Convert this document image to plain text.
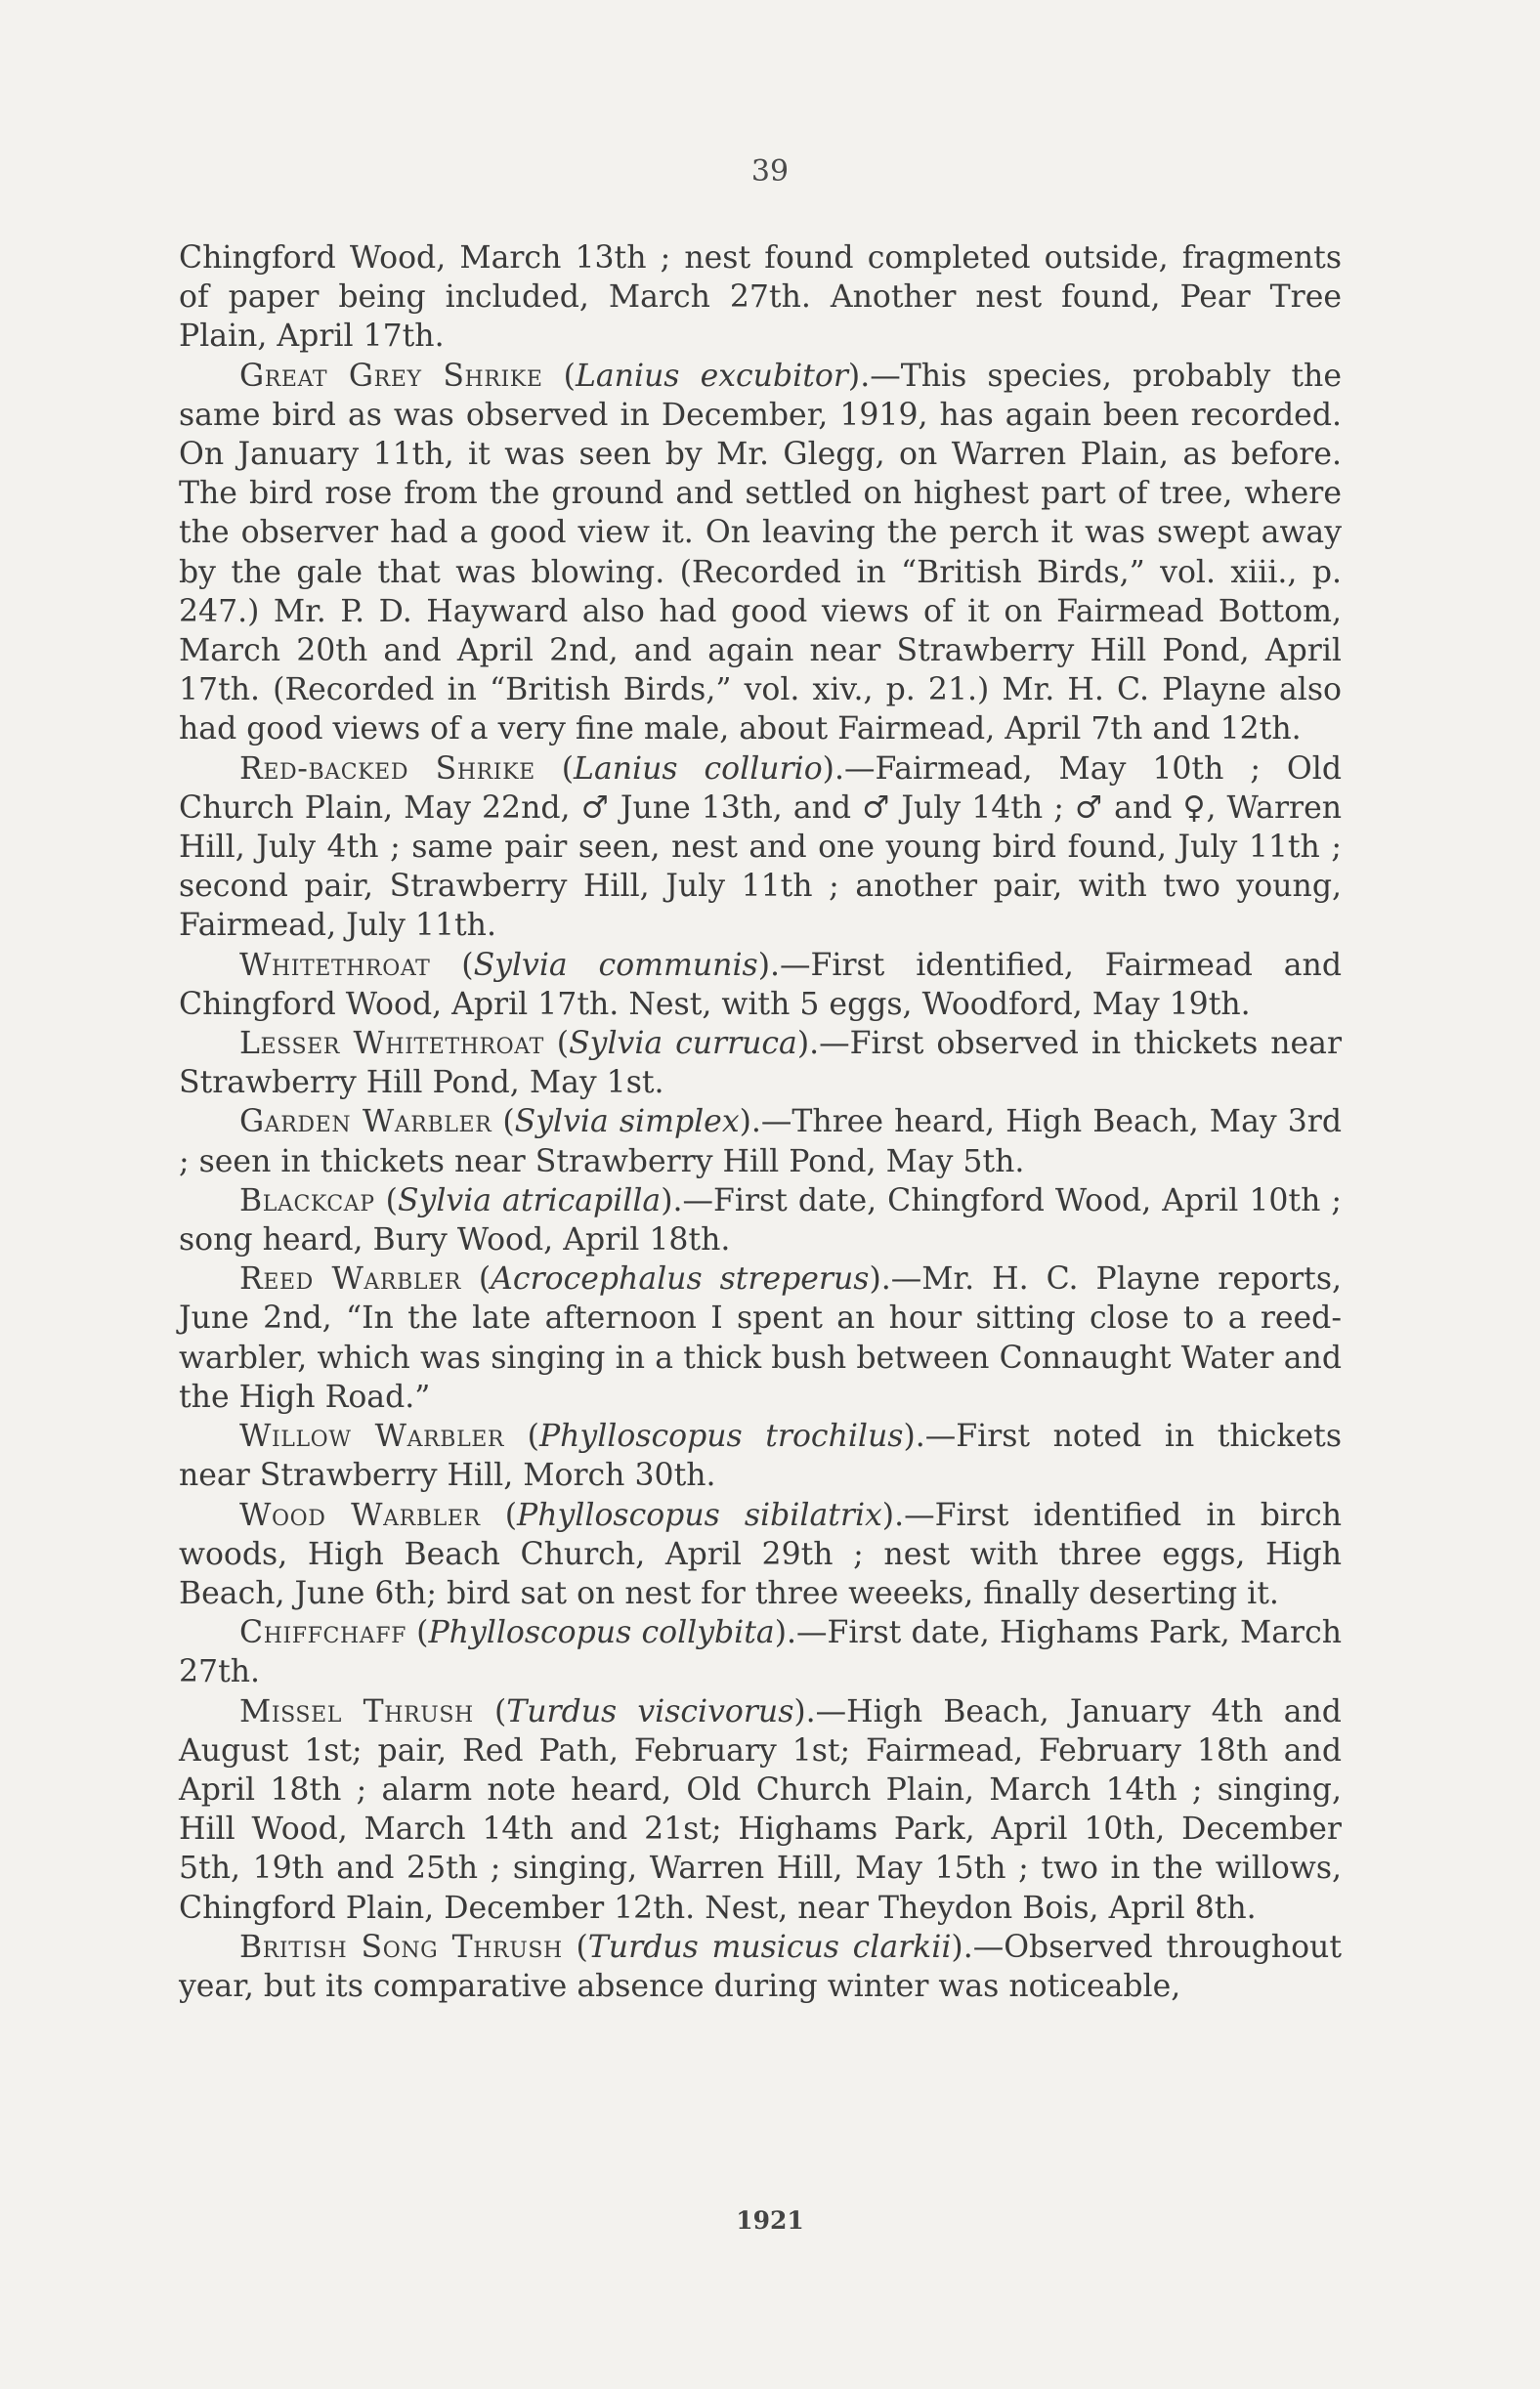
39

Chingford Wood, March 13th ; nest found completed outside, fragments of paper being included, March 27th. Another nest found, Pear Tree Plain, April 17th.

Great Grey Shrike (Lanius excubitor).—This species, probably the same bird as was observed in December, 1919, has again been recorded. On January 11th, it was seen by Mr. Glegg, on Warren Plain, as before. The bird rose from the ground and settled on highest part of tree, where the observer had a good view it. On leaving the perch it was swept away by the gale that was blowing. (Recorded in “British Birds,” vol. xiii., p. 247.) Mr. P. D. Hayward also had good views of it on Fairmead Bottom, March 20th and April 2nd, and again near Strawberry Hill Pond, April 17th. (Recorded in “British Birds,” vol. xiv., p. 21.) Mr. H. C. Playne also had good views of a very fine male, about Fairmead, April 7th and 12th.

Red-backed Shrike (Lanius collurio).—Fairmead, May 10th ; Old Church Plain, May 22nd, ♂ June 13th, and ♂ July 14th ; ♂ and ♀, Warren Hill, July 4th ; same pair seen, nest and one young bird found, July 11th ; second pair, Strawberry Hill, July 11th ; another pair, with two young, Fairmead, July 11th.

Whitethroat (Sylvia communis).—First identified, Fairmead and Chingford Wood, April 17th. Nest, with 5 eggs, Woodford, May 19th.

Lesser Whitethroat (Sylvia curruca).—First observed in thickets near Strawberry Hill Pond, May 1st.

Garden Warbler (Sylvia simplex).—Three heard, High Beach, May 3rd ; seen in thickets near Strawberry Hill Pond, May 5th.

Blackcap (Sylvia atricapilla).—First date, Chingford Wood, April 10th ; song heard, Bury Wood, April 18th.

Reed Warbler (Acrocephalus streperus).—Mr. H. C. Playne reports, June 2nd, “In the late afternoon I spent an hour sitting close to a reed-warbler, which was singing in a thick bush between Connaught Water and the High Road.”

Willow Warbler (Phylloscopus trochilus).—First noted in thickets near Strawberry Hill, Morch 30th.

Wood Warbler (Phylloscopus sibilatrix).—First identified in birch woods, High Beach Church, April 29th ; nest with three eggs, High Beach, June 6th; bird sat on nest for three weeeks, finally deserting it.

Chiffchaff (Phylloscopus collybita).—First date, Highams Park, March 27th.

Missel Thrush (Turdus viscivorus).—High Beach, January 4th and August 1st; pair, Red Path, February 1st; Fairmead, February 18th and April 18th ; alarm note heard, Old Church Plain, March 14th ; singing, Hill Wood, March 14th and 21st; Highams Park, April 10th, December 5th, 19th and 25th ; singing, Warren Hill, May 15th ; two in the willows, Chingford Plain, December 12th. Nest, near Theydon Bois, April 8th.

British Song Thrush (Turdus musicus clarkii).—Observed throughout year, but its comparative absence during winter was noticeable,

1921
